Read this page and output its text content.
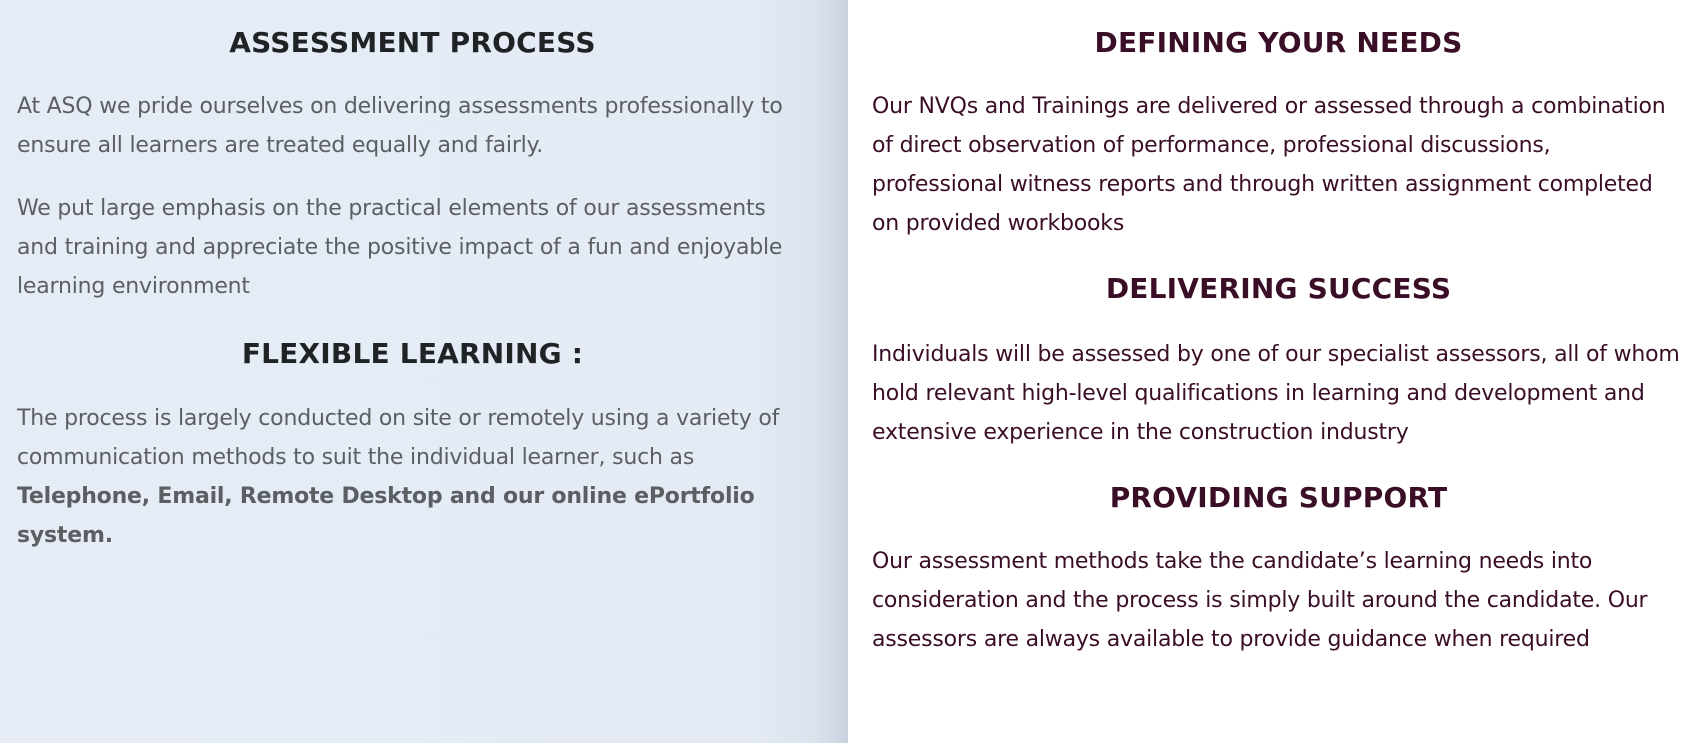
ASSESSMENT PROCESS

At ASQ we pride ourselves on delivering assessments professionally to ensure all learners are treated equally and fairly.

We put large emphasis on the practical elements of our assessments and training and appreciate the positive impact of a fun and enjoyable learning environment

FLEXIBLE LEARNING :

The process is largely conducted on site or remotely using a variety of communication methods to suit the individual learner, such as Telephone, Email, Remote Desktop and our online ePortfolio system.

DEFINING YOUR NEEDS

Our NVQs and Trainings are delivered or assessed through a combination of direct observation of performance, professional discussions, professional witness reports and through written assignment completed on provided workbooks

DELIVERING SUCCESS

Individuals will be assessed by one of our specialist assessors, all of whom hold relevant high-level qualifications in learning and development and extensive experience in the construction industry

PROVIDING SUPPORT

Our assessment methods take the candidate’s learning needs into consideration and the process is simply built around the candidate. Our assessors are always available to provide guidance when required
